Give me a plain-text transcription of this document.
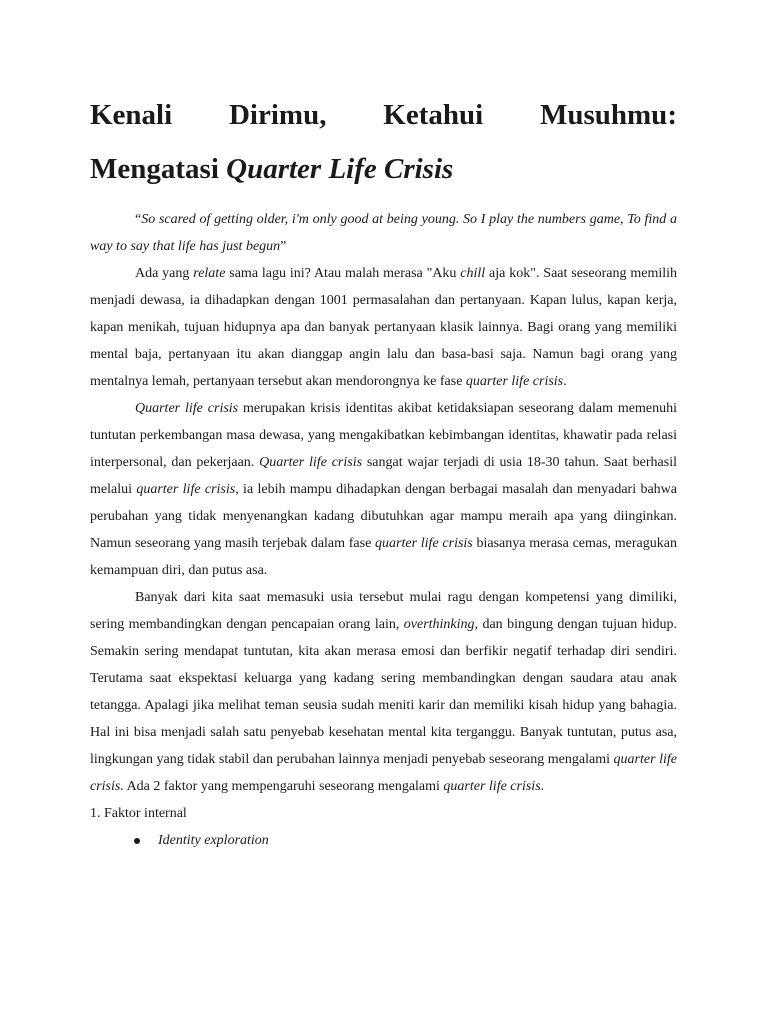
Kenali Dirimu, Ketahui Musuhmu:
Mengatasi Quarter Life Crisis

“So scared of getting older, i'm only good at being young. So I play the numbers game, To find a way to say that life has just begun”

Ada yang relate sama lagu ini? Atau malah merasa "Aku chill aja kok". Saat seseorang memilih menjadi dewasa, ia dihadapkan dengan 1001 permasalahan dan pertanyaan. Kapan lulus, kapan kerja, kapan menikah, tujuan hidupnya apa dan banyak pertanyaan klasik lainnya. Bagi orang yang memiliki mental baja, pertanyaan itu akan dianggap angin lalu dan basa-basi saja. Namun bagi orang yang mentalnya lemah, pertanyaan tersebut akan mendorongnya ke fase quarter life crisis.

Quarter life crisis merupakan krisis identitas akibat ketidaksiapan seseorang dalam memenuhi tuntutan perkembangan masa dewasa, yang mengakibatkan kebimbangan identitas, khawatir pada relasi interpersonal, dan pekerjaan. Quarter life crisis sangat wajar terjadi di usia 18-30 tahun. Saat berhasil melalui quarter life crisis, ia lebih mampu dihadapkan dengan berbagai masalah dan menyadari bahwa perubahan yang tidak menyenangkan kadang dibutuhkan agar mampu meraih apa yang diinginkan. Namun seseorang yang masih terjebak dalam fase quarter life crisis biasanya merasa cemas, meragukan kemampuan diri, dan putus asa.

Banyak dari kita saat memasuki usia tersebut mulai ragu dengan kompetensi yang dimiliki, sering membandingkan dengan pencapaian orang lain, overthinking, dan bingung dengan tujuan hidup. Semakin sering mendapat tuntutan, kita akan merasa emosi dan berfikir negatif terhadap diri sendiri. Terutama saat ekspektasi keluarga yang kadang sering membandingkan dengan saudara atau anak tetangga. Apalagi jika melihat teman seusia sudah meniti karir dan memiliki kisah hidup yang bahagia. Hal ini bisa menjadi salah satu penyebab kesehatan mental kita terganggu. Banyak tuntutan, putus asa, lingkungan yang tidak stabil dan perubahan lainnya menjadi penyebab seseorang mengalami quarter life crisis. Ada 2 faktor yang mempengaruhi seseorang mengalami quarter life crisis.

1. Faktor internal

Identity exploration
